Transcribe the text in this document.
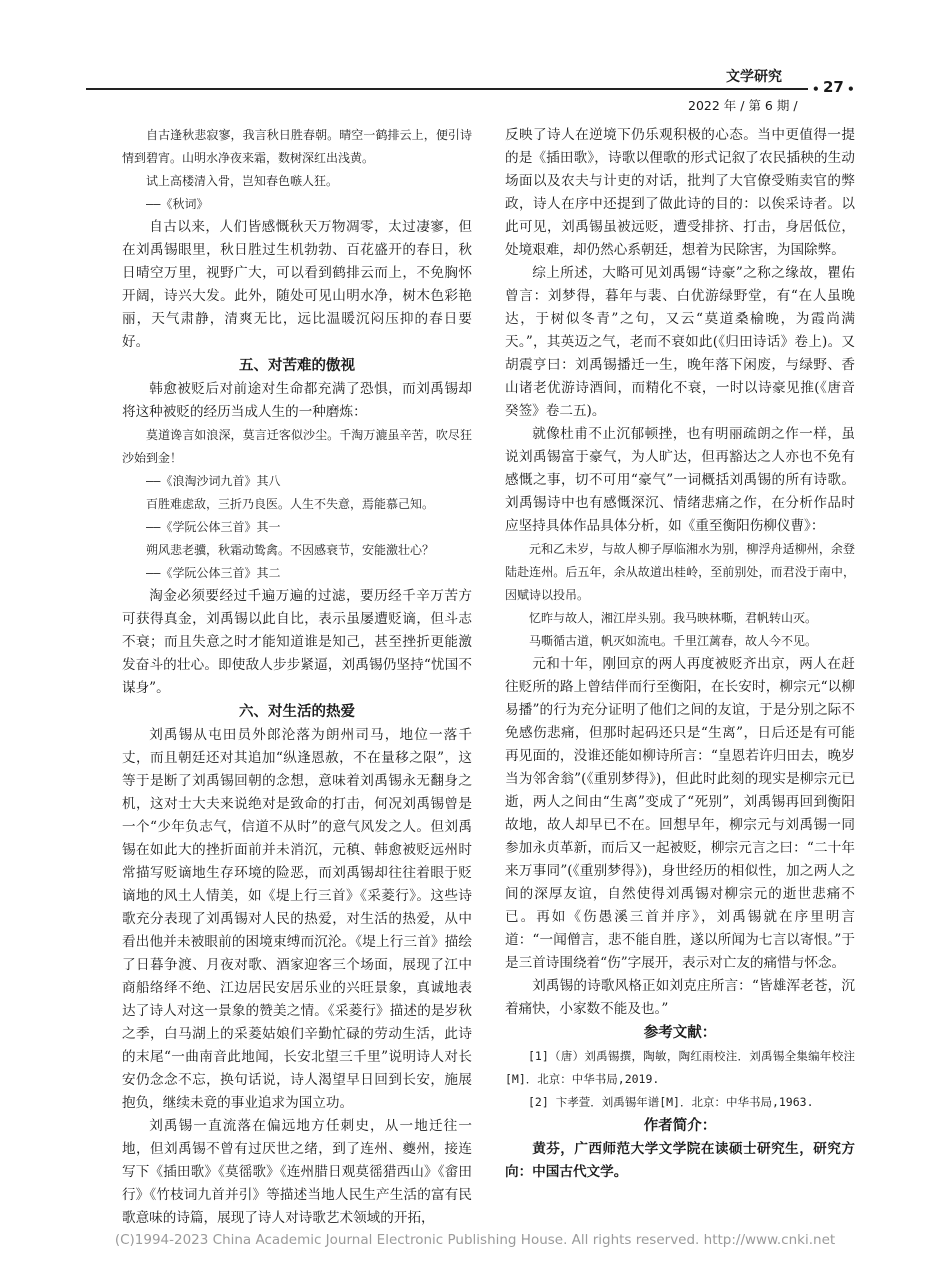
文学研究
• 27 •
2022 年 / 第 6 期 /

自古逢秋悲寂寥，我言秋日胜春朝。晴空一鹤排云上，便引诗情到碧宵。山明水净夜来霜，数树深红出浅黄。

试上高楼清入骨，岂知春色嗾人狂。

——《秋词》

自古以来，人们皆感慨秋天万物凋零，太过凄寥，但在刘禹锡眼里，秋日胜过生机勃勃、百花盛开的春日，秋日晴空万里，视野广大，可以看到鹤排云而上，不免胸怀开阔，诗兴大发。此外，随处可见山明水净，树木色彩艳丽，天气肃静，清爽无比，远比温暖沉闷压抑的春日要好。

五、对苦难的傲视

韩愈被贬后对前途对生命都充满了恐惧，而刘禹锡却将这种被贬的经历当成人生的一种磨炼：

莫道谗言如浪深，莫言迁客似沙尘。千淘万漉虽辛苦，吹尽狂沙始到金！

——《浪淘沙词九首》其八

百胜难虑敌，三折乃良医。人生不失意，焉能慕己知。

——《学阮公体三首》其一

朔风悲老骥，秋霜动鸷禽。不因感衰节，安能激壮心？

——《学阮公体三首》其二

淘金必须要经过千遍万遍的过滤，要历经千辛万苦方可获得真金，刘禹锡以此自比，表示虽屡遭贬谪，但斗志不衰；而且失意之时才能知道谁是知己，甚至挫折更能激发奋斗的壮心。即使敌人步步紧逼，刘禹锡仍坚持“忧国不谋身”。

六、对生活的热爱

刘禹锡从屯田员外郎沦落为朗州司马，地位一落千丈，而且朝廷还对其追加“纵逢恩赦，不在量移之限”，这等于是断了刘禹锡回朝的念想，意味着刘禹锡永无翻身之机，这对士大夫来说绝对是致命的打击，何况刘禹锡曾是一个“少年负志气，信道不从时”的意气风发之人。但刘禹锡在如此大的挫折面前并未消沉，元稹、韩愈被贬远州时常描写贬谪地生存环境的险恶，而刘禹锡却往往着眼于贬谪地的风土人情美，如《堤上行三首》《采菱行》。这些诗歌充分表现了刘禹锡对人民的热爱，对生活的热爱，从中看出他并未被眼前的困境束缚而沉沦。《堤上行三首》描绘了日暮争渡、月夜对歌、酒家迎客三个场面，展现了江中商船络绎不绝、江边居民安居乐业的兴旺景象，真诚地表达了诗人对这一景象的赞美之情。《采菱行》描述的是岁秋之季，白马湖上的采菱姑娘们辛勤忙碌的劳动生活，此诗的末尾“一曲南音此地闻，长安北望三千里”说明诗人对长安仍念念不忘，换句话说，诗人渴望早日回到长安，施展抱负，继续未竟的事业追求为国立功。

刘禹锡一直流落在偏远地方任刺史，从一地迁往一地，但刘禹锡不曾有过厌世之绪，到了连州、夔州，接连写下《插田歌》《莫徭歌》《连州腊日观莫徭猎西山》《畲田行》《竹枝词九首并引》等描述当地人民生产生活的富有民歌意味的诗篇，展现了诗人对诗歌艺术领域的开拓，

反映了诗人在逆境下仍乐观积极的心态。当中更值得一提的是《插田歌》，诗歌以俚歌的形式记叙了农民插秧的生动场面以及农夫与计吏的对话，批判了大官僚受贿卖官的弊政，诗人在序中还提到了做此诗的目的：以俟采诗者。以此可见，刘禹锡虽被远贬，遭受排挤、打击，身居低位，处境艰难，却仍然心系朝廷，想着为民除害，为国除弊。

综上所述，大略可见刘禹锡“诗豪”之称之缘故，瞿佑曾言：刘梦得，暮年与裴、白优游绿野堂，有“在人虽晚达，于树似冬青”之句，又云“莫道桑榆晚，为霞尚满天。”，其英迈之气，老而不衰如此(《归田诗话》卷上)。又胡震亨曰：刘禹锡播迁一生，晚年落下闲废，与绿野、香山诸老优游诗酒间，而精化不衰，一时以诗豪见推(《唐音癸签》卷二五)。

就像杜甫不止沉郁顿挫，也有明丽疏朗之作一样，虽说刘禹锡富于豪气，为人旷达，但再豁达之人亦也不免有感慨之事，切不可用“豪气”一词概括刘禹锡的所有诗歌。刘禹锡诗中也有感慨深沉、情绪悲痛之作，在分析作品时应坚持具体作品具体分析，如《重至衡阳伤柳仪曹》：

元和乙未岁，与故人柳子厚临湘水为别，柳浮舟适柳州，余登陆赴连州。后五年，余从故道出桂岭，至前别处，而君没于南中，因赋诗以投吊。

忆昨与故人，湘江岸头别。我马映林嘶，君帆转山灭。

马嘶循古道，帆灭如流电。千里江蓠春，故人今不见。

元和十年，刚回京的两人再度被贬齐出京，两人在赶往贬所的路上曾结伴而行至衡阳，在长安时，柳宗元“以柳易播”的行为充分证明了他们之间的友谊，于是分别之际不免感伤悲痛，但那时起码还只是“生离”，日后还是有可能再见面的，没谁还能如柳诗所言：“皇恩若许归田去，晚岁当为邻舍翁”(《重别梦得》)，但此时此刻的现实是柳宗元已逝，两人之间由“生离”变成了“死别”，刘禹锡再回到衡阳故地，故人却早已不在。回想早年，柳宗元与刘禹锡一同参加永贞革新，而后又一起被贬，柳宗元言之曰：“二十年来万事同”(《重别梦得》)，身世经历的相似性，加之两人之间的深厚友谊，自然使得刘禹锡对柳宗元的逝世悲痛不已。再如《伤愚溪三首并序》，刘禹锡就在序里明言道：“一闻僧言，悲不能自胜，遂以所闻为七言以寄恨。”于是三首诗围绕着“伤”字展开，表示对亡友的痛惜与怀念。

刘禹锡的诗歌风格正如刘克庄所言：“皆雄浑老苍，沉着痛快，小家数不能及也。”

参考文献：

[1]（唐）刘禹锡撰，陶敏，陶红雨校注．刘禹锡全集编年校注[M]．北京：中华书局,2019.

[2] 卞孝萱．刘禹锡年谱[M]．北京：中华书局,1963.

作者简介：

黄芬，广西师范大学文学院在读硕士研究生，研究方向：中国古代文学。

(C)1994-2023 China Academic Journal Electronic Publishing House. All rights reserved. http://www.cnki.net
